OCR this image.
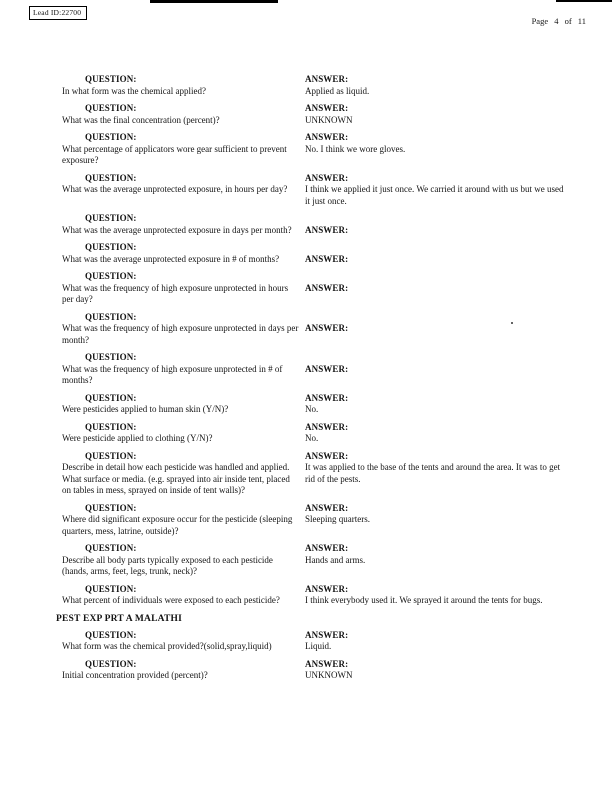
Lead ID:22700
Page 4 of 11
QUESTION:
In what form was the chemical applied?
ANSWER:
Applied as liquid.
QUESTION:
What was the final concentration (percent)?
ANSWER:
UNKNOWN
QUESTION:
What percentage of applicators wore gear sufficient to prevent exposure?
ANSWER:
No. I think we wore gloves.
QUESTION:
What was the average unprotected exposure, in hours per day?
ANSWER:
I think we applied it just once. We carried it around with us but we used it just once.
QUESTION:
What was the average unprotected exposure in days per month?	ANSWER:
QUESTION:
What was the average unprotected exposure in # of months?	ANSWER:
QUESTION:
What was the frequency of high exposure unprotected in hours per day?
ANSWER:
QUESTION:
What was the frequency of high exposure unprotected in days per month?
ANSWER:
QUESTION:
What was the frequency of high exposure unprotected in # of months?
ANSWER:
QUESTION:
Were pesticides applied to human skin (Y/N)?
ANSWER:
No.
QUESTION:
Were pesticide applied to clothing (Y/N)?
ANSWER:
No.
QUESTION:
Describe in detail how each pesticide was handled and applied. What surface or media. (e.g. sprayed into air inside tent, placed on tables in mess, sprayed on inside of tent walls)?
ANSWER:
It was applied to the base of the tents and around the area. It was to get rid of the pests.
QUESTION:
Where did significant exposure occur for the pesticide (sleeping quarters, mess, latrine, outside)?
ANSWER:
Sleeping quarters.
QUESTION:
Describe all body parts typically exposed to each pesticide (hands, arms, feet, legs, trunk, neck)?
ANSWER:
Hands and arms.
QUESTION:
What percent of individuals were exposed to each pesticide?
ANSWER:
I think everybody used it. We sprayed it around the tents for bugs.
PEST EXP PRT A MALATHI
QUESTION:
What form was the chemical provided?(solid,spray,liquid)
ANSWER:
Liquid.
QUESTION:
Initial concentration provided (percent)?
ANSWER:
UNKNOWN
